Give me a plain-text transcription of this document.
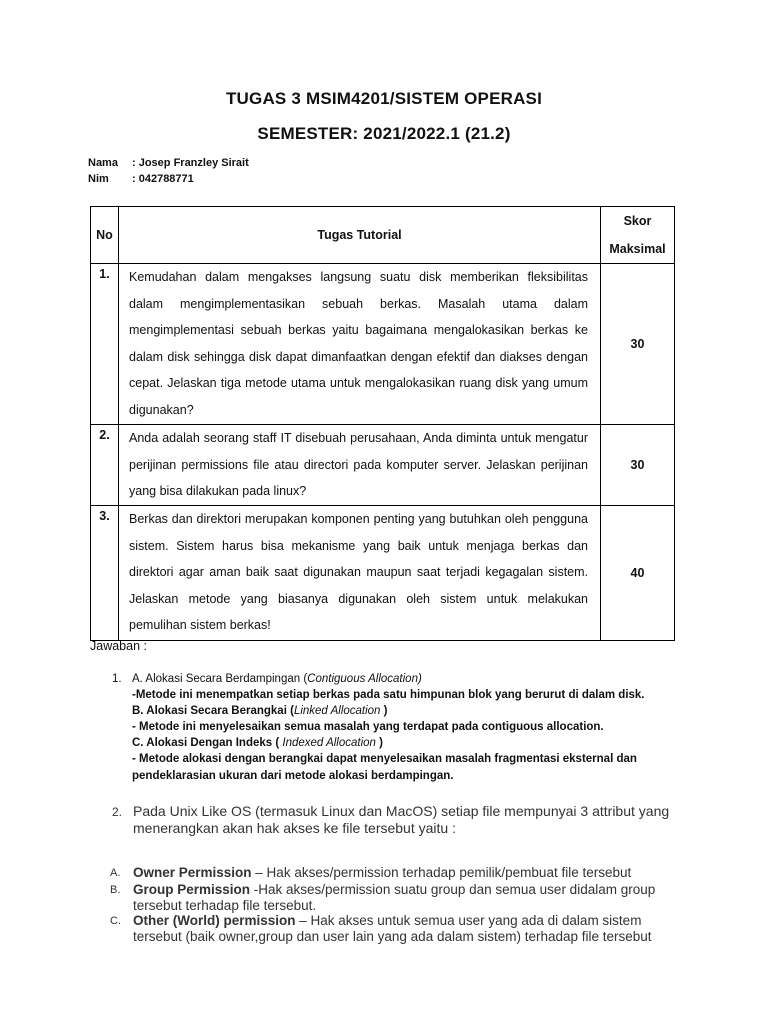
TUGAS 3 MSIM4201/SISTEM OPERASI
SEMESTER: 2021/2022.1 (21.2)
Nama : Josep Franzley Sirait
Nim : 042788771
No	Tugas Tutorial	Skor
Maksimal

1.	Kemudahan dalam mengakses langsung suatu disk memberikan fleksibilitas dalam mengimplementasikan sebuah berkas. Masalah utama dalam mengimplementasi sebuah berkas yaitu bagaimana mengalokasikan berkas ke dalam disk sehingga disk dapat dimanfaatkan dengan efektif dan diakses dengan cepat. Jelaskan tiga metode utama untuk mengalokasikan ruang disk yang umum digunakan?	30
2.	Anda adalah seorang staff IT disebuah perusahaan, Anda diminta untuk mengatur perijinan permissions file atau directori pada komputer server. Jelaskan perijinan yang bisa dilakukan pada linux?	30
3.	Berkas dan direktori merupakan komponen penting yang butuhkan oleh pengguna sistem. Sistem harus bisa mekanisme yang baik untuk menjaga berkas dan direktori agar aman baik saat digunakan maupun saat terjadi kegagalan sistem. Jelaskan metode yang biasanya digunakan oleh sistem untuk melakukan pemulihan sistem berkas!	40
Jawaban :
1. A. Alokasi Secara Berdampingan (Contiguous Allocation)
-Metode ini menempatkan setiap berkas pada satu himpunan blok yang berurut di dalam disk.
B. Alokasi Secara Berangkai (Linked Allocation )
- Metode ini menyelesaikan semua masalah yang terdapat pada contiguous allocation.
C. Alokasi Dengan Indeks ( Indexed Allocation )
- Metode alokasi dengan berangkai dapat menyelesaikan masalah fragmentasi eksternal dan
pendeklarasian ukuran dari metode alokasi berdampingan.
2. Pada Unix Like OS (termasuk Linux dan MacOS) setiap file mempunyai 3 attribut yang
menerangkan akan hak akses ke file tersebut yaitu :
A. Owner Permission – Hak akses/permission terhadap pemilik/pembuat file tersebut
B. Group Permission -Hak akses/permission suatu group dan semua user didalam group
tersebut terhadap file tersebut.
C. Other (World) permission – Hak akses untuk semua user yang ada di dalam sistem
tersebut (baik owner,group dan user lain yang ada dalam sistem) terhadap file tersebut
